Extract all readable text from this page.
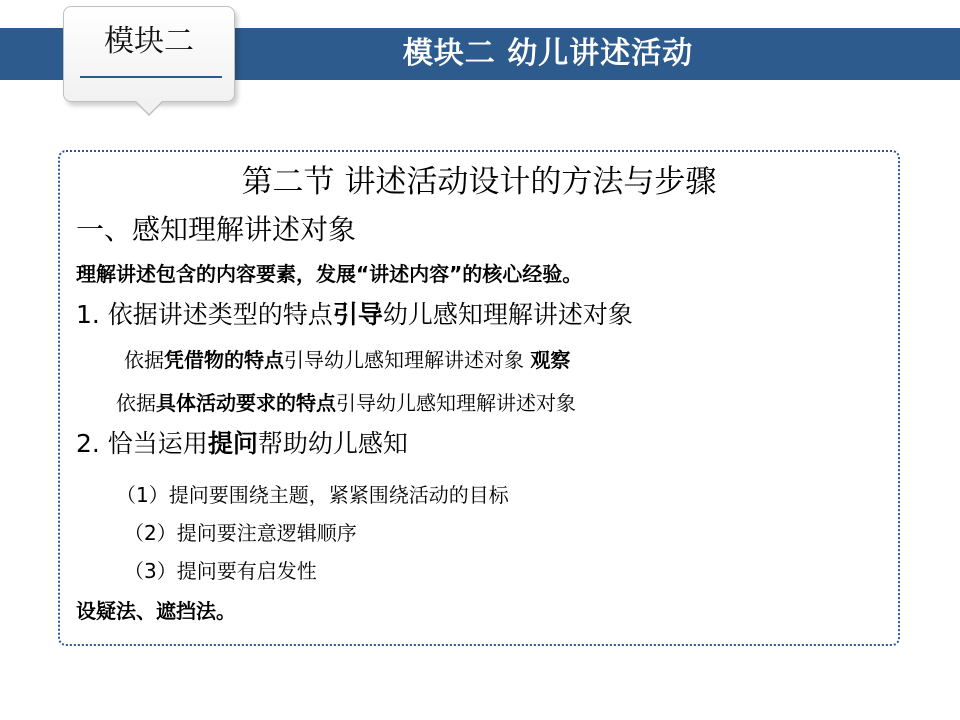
模块二 幼儿讲述活动
模块二
第二节 讲述活动设计的方法与步骤
一、感知理解讲述对象
理解讲述包含的内容要素，发展“讲述内容”的核心经验。
1. 依据讲述类型的特点引导幼儿感知理解讲述对象
依据凭借物的特点引导幼儿感知理解讲述对象 观察
依据具体活动要求的特点引导幼儿感知理解讲述对象
2. 恰当运用提问帮助幼儿感知
（1）提问要围绕主题，紧紧围绕活动的目标
（2）提问要注意逻辑顺序
（3）提问要有启发性
设疑法、遮挡法。
